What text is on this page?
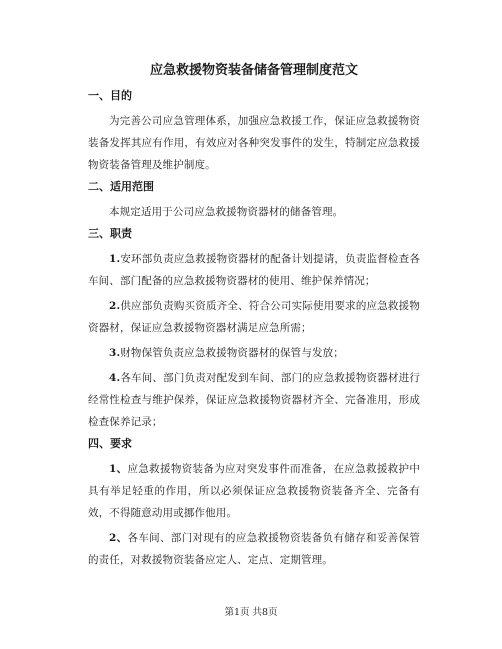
应急救援物资装备储备管理制度范文
一、目的

为完善公司应急管理体系，加强应急救援工作，保证应急救援物资装备发挥其应有作用，有效应对各种突发事件的发生，特制定应急救援物资装备管理及维护制度。

二、适用范围

本规定适用于公司应急救援物资器材的储备管理。

三、职责

1.安环部负责应急救援物资器材的配备计划提请，负责监督检查各车间、部门配备的应急救援物资器材的使用、维护保养情况；

2.供应部负责购买资质齐全、符合公司实际使用要求的应急救援物资器材，保证应急救援物资器材满足应急所需；

3.财物保管负责应急救援物资器材的保管与发放；

4.各车间、部门负责对配发到车间、部门的应急救援物资器材进行经常性检查与维护保养，保证应急救援物资器材齐全、完备准用，形成检查保养记录；

四、要求

1、应急救援物资装备为应对突发事件而准备，在应急救援救护中具有举足轻重的作用，所以必须保证应急救援物资装备齐全、完备有效，不得随意动用或挪作他用。

2、各车间、部门对现有的应急救援物资装备负有储存和妥善保管的责任，对救援物资装备应定人、定点、定期管理。

第1页 共8页
